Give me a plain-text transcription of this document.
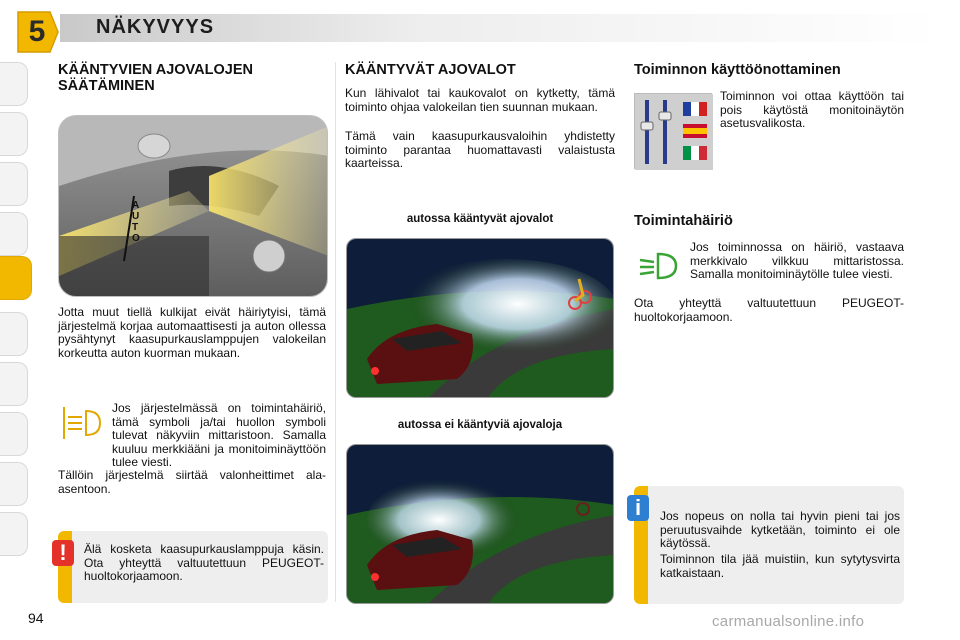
5	NÄKYVYYS
KÄÄNTYVIEN AJOVALOJEN SÄÄTÄMINEN
AUTO
Jotta muut tiellä kulkijat eivät häiriytyisi, tämä järjestelmä korjaa automaattisesti ja auton ollessa pysähtynyt kaasupurkauslamppujen valokeilan korkeutta auton kuorman mukaan.
Jos järjestelmässä on toimintahäiriö, tämä symboli ja/tai huollon symboli tulevat näkyviin mittaristoon. Samalla kuuluu merkkiääni ja monitoiminäyttöön tulee viesti.
Tällöin järjestelmä siirtää valonheittimet ala-asentoon.
Älä kosketa kaasupurkauslamppuja käsin. Ota yhteyttä valtuutettuun PEUGEOT-huoltokorjaamoon.
!
KÄÄNTYVÄT AJOVALOT
Kun lähivalot tai kaukovalot on kytketty, tämä toiminto ohjaa valokeilan tien suunnan mukaan.
Tämä vain kaasupurkausvaloihin yhdistetty toiminto parantaa huomattavasti valaistusta kaarteissa.
autossa kääntyvät ajovalot
autossa ei kääntyviä ajovaloja
Toiminnon käyttöönottaminen
Toiminnon voi ottaa käyttöön tai pois käytöstä monitoinäytön asetusvalikosta.
Toimintahäiriö
Jos toiminnossa on häiriö, vastaava merkkivalo vilkkuu mittaristossa. Samalla monitoiminäytölle tulee viesti.
Ota yhteyttä valtuutettuun PEUGEOT-huoltokorjaamoon.
Jos nopeus on nolla tai hyvin pieni tai jos peruutusvaihde kytketään, toiminto ei ole käytössä.
Toiminnon tila jää muistiin, kun sytytysvirta katkaistaan.
i
94	carmanualsonline.info
